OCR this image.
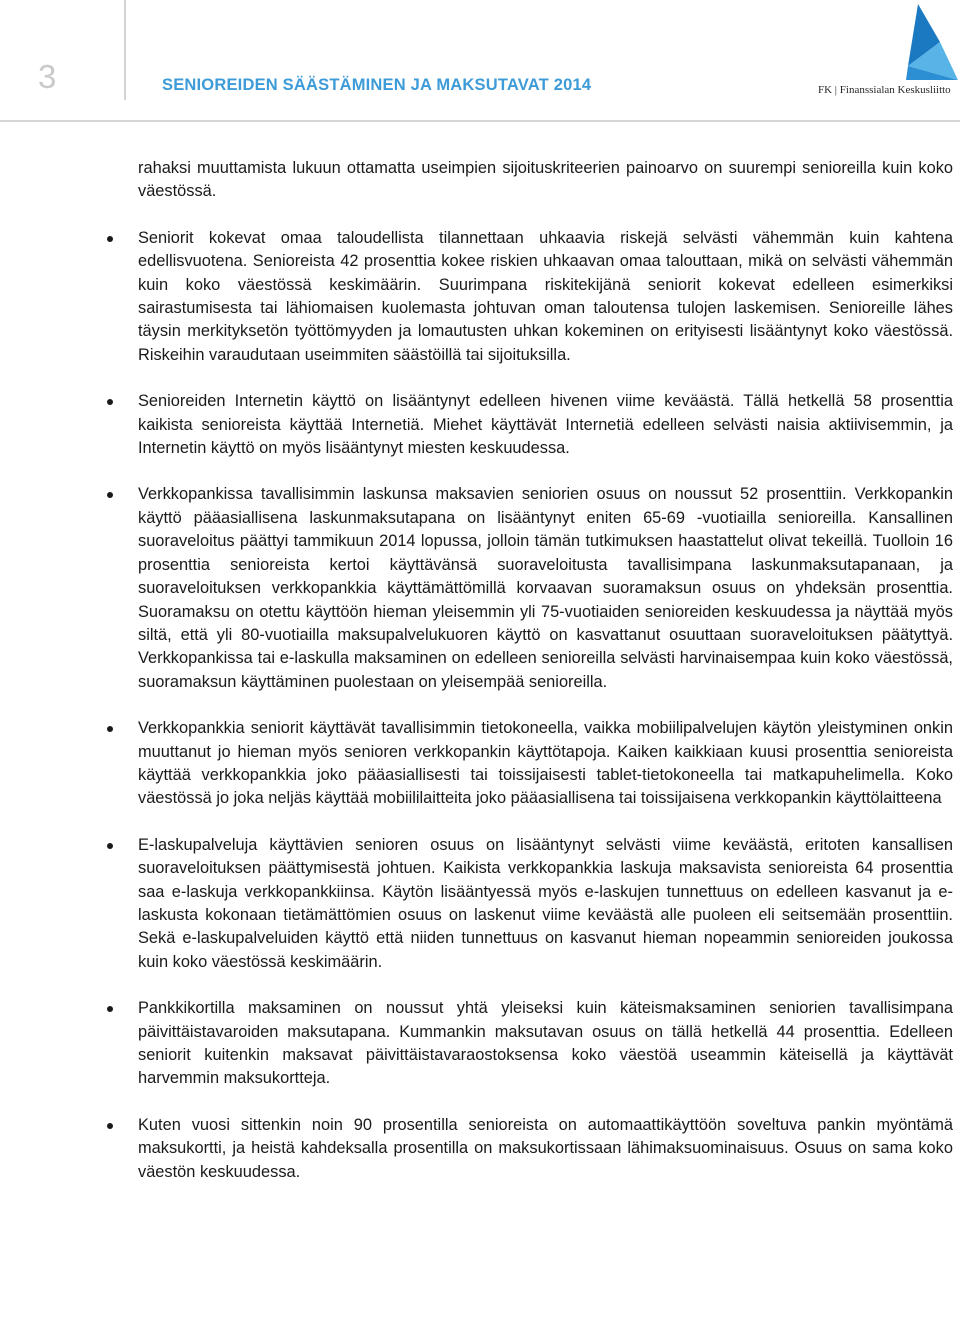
3	SENIOREIDEN SÄÄSTÄMINEN JA MAKSUTAVAT 2014	FK | Finanssialan Keskusliitto

rahaksi muuttamista lukuun ottamatta useimpien sijoituskriteerien painoarvo on suurempi senioreilla kuin koko väestössä.

Seniorit kokevat omaa taloudellista tilannettaan uhkaavia riskejä selvästi vähemmän kuin kahtena edellisvuotena. Senioreista 42 prosenttia kokee riskien uhkaavan omaa talouttaan, mikä on selvästi vähemmän kuin koko väestössä keskimäärin. Suurimpana riskitekijänä seniorit kokevat edelleen esimerkiksi sairastumisesta tai lähiomaisen kuolemasta johtuvan oman taloutensa tulojen laskemisen. Senioreille lähes täysin merkityksetön työttömyyden ja lomautusten uhkan kokeminen on erityisesti lisääntynyt koko väestössä. Riskeihin varaudutaan useimmiten säästöillä tai sijoituksilla.
Senioreiden Internetin käyttö on lisääntynyt edelleen hivenen viime keväästä. Tällä hetkellä 58 prosenttia kaikista senioreista käyttää Internetiä. Miehet käyttävät Internetiä edelleen selvästi naisia aktiivisemmin, ja Internetin käyttö on myös lisääntynyt miesten keskuudessa.
Verkkopankissa tavallisimmin laskunsa maksavien seniorien osuus on noussut 52 prosenttiin. Verkkopankin käyttö pääasiallisena laskunmaksutapana on lisääntynyt eniten 65-69 -vuotiailla senioreilla. Kansallinen suoraveloitus päättyi tammikuun 2014 lopussa, jolloin tämän tutkimuksen haastattelut olivat tekeillä. Tuolloin 16 prosenttia senioreista kertoi käyttävänsä suoraveloitusta tavallisimpana laskunmaksutapanaan, ja suoraveloituksen verkkopankkia käyttämättömillä korvaavan suoramaksun osuus on yhdeksän prosenttia. Suoramaksu on otettu käyttöön hieman yleisemmin yli 75-vuotiaiden senioreiden keskuudessa ja näyttää myös siltä, että yli 80-vuotiailla maksupalvelukuoren käyttö on kasvattanut osuuttaan suoraveloituksen päätyttyä. Verkkopankissa tai e-laskulla maksaminen on edelleen senioreilla selvästi harvinaisempaa kuin koko väestössä, suoramaksun käyttäminen puolestaan on yleisempää senioreilla.
Verkkopankkia seniorit käyttävät tavallisimmin tietokoneella, vaikka mobiilipalvelujen käytön yleistyminen onkin muuttanut jo hieman myös senioren verkkopankin käyttötapoja. Kaiken kaikkiaan kuusi prosenttia senioreista käyttää verkkopankkia joko pääasiallisesti tai toissijaisesti tablet-tietokoneella tai matkapuhelimella. Koko väestössä jo joka neljäs käyttää mobiililaitteita joko pääasiallisena tai toissijaisena verkkopankin käyttölaitteena
E-laskupalveluja käyttävien senioren osuus on lisääntynyt selvästi viime keväästä, eritoten kansallisen suoraveloituksen päättymisestä johtuen. Kaikista verkkopankkia laskuja maksavista senioreista 64 prosenttia saa e-laskuja verkkopankkiinsa. Käytön lisääntyessä myös e-laskujen tunnettuus on edelleen kasvanut ja e-laskusta kokonaan tietämättömien osuus on laskenut viime keväästä alle puoleen eli seitsemään prosenttiin. Sekä e-laskupalveluiden käyttö että niiden tunnettuus on kasvanut hieman nopeammin senioreiden joukossa kuin koko väestössä keskimäärin.
Pankkikortilla maksaminen on noussut yhtä yleiseksi kuin käteismaksaminen seniorien tavallisimpana päivittäistavaroiden maksutapana. Kummankin maksutavan osuus on tällä hetkellä 44 prosenttia. Edelleen seniorit kuitenkin maksavat päivittäistavaraostoksensa koko väestöä useammin käteisellä ja käyttävät harvemmin maksukortteja.
Kuten vuosi sittenkin noin 90 prosentilla senioreista on automaattikäyttöön soveltuva pankin myöntämä maksukortti, ja heistä kahdeksalla prosentilla on maksukortissaan lähimaksuominaisuus. Osuus on sama koko väestön keskuudessa.
